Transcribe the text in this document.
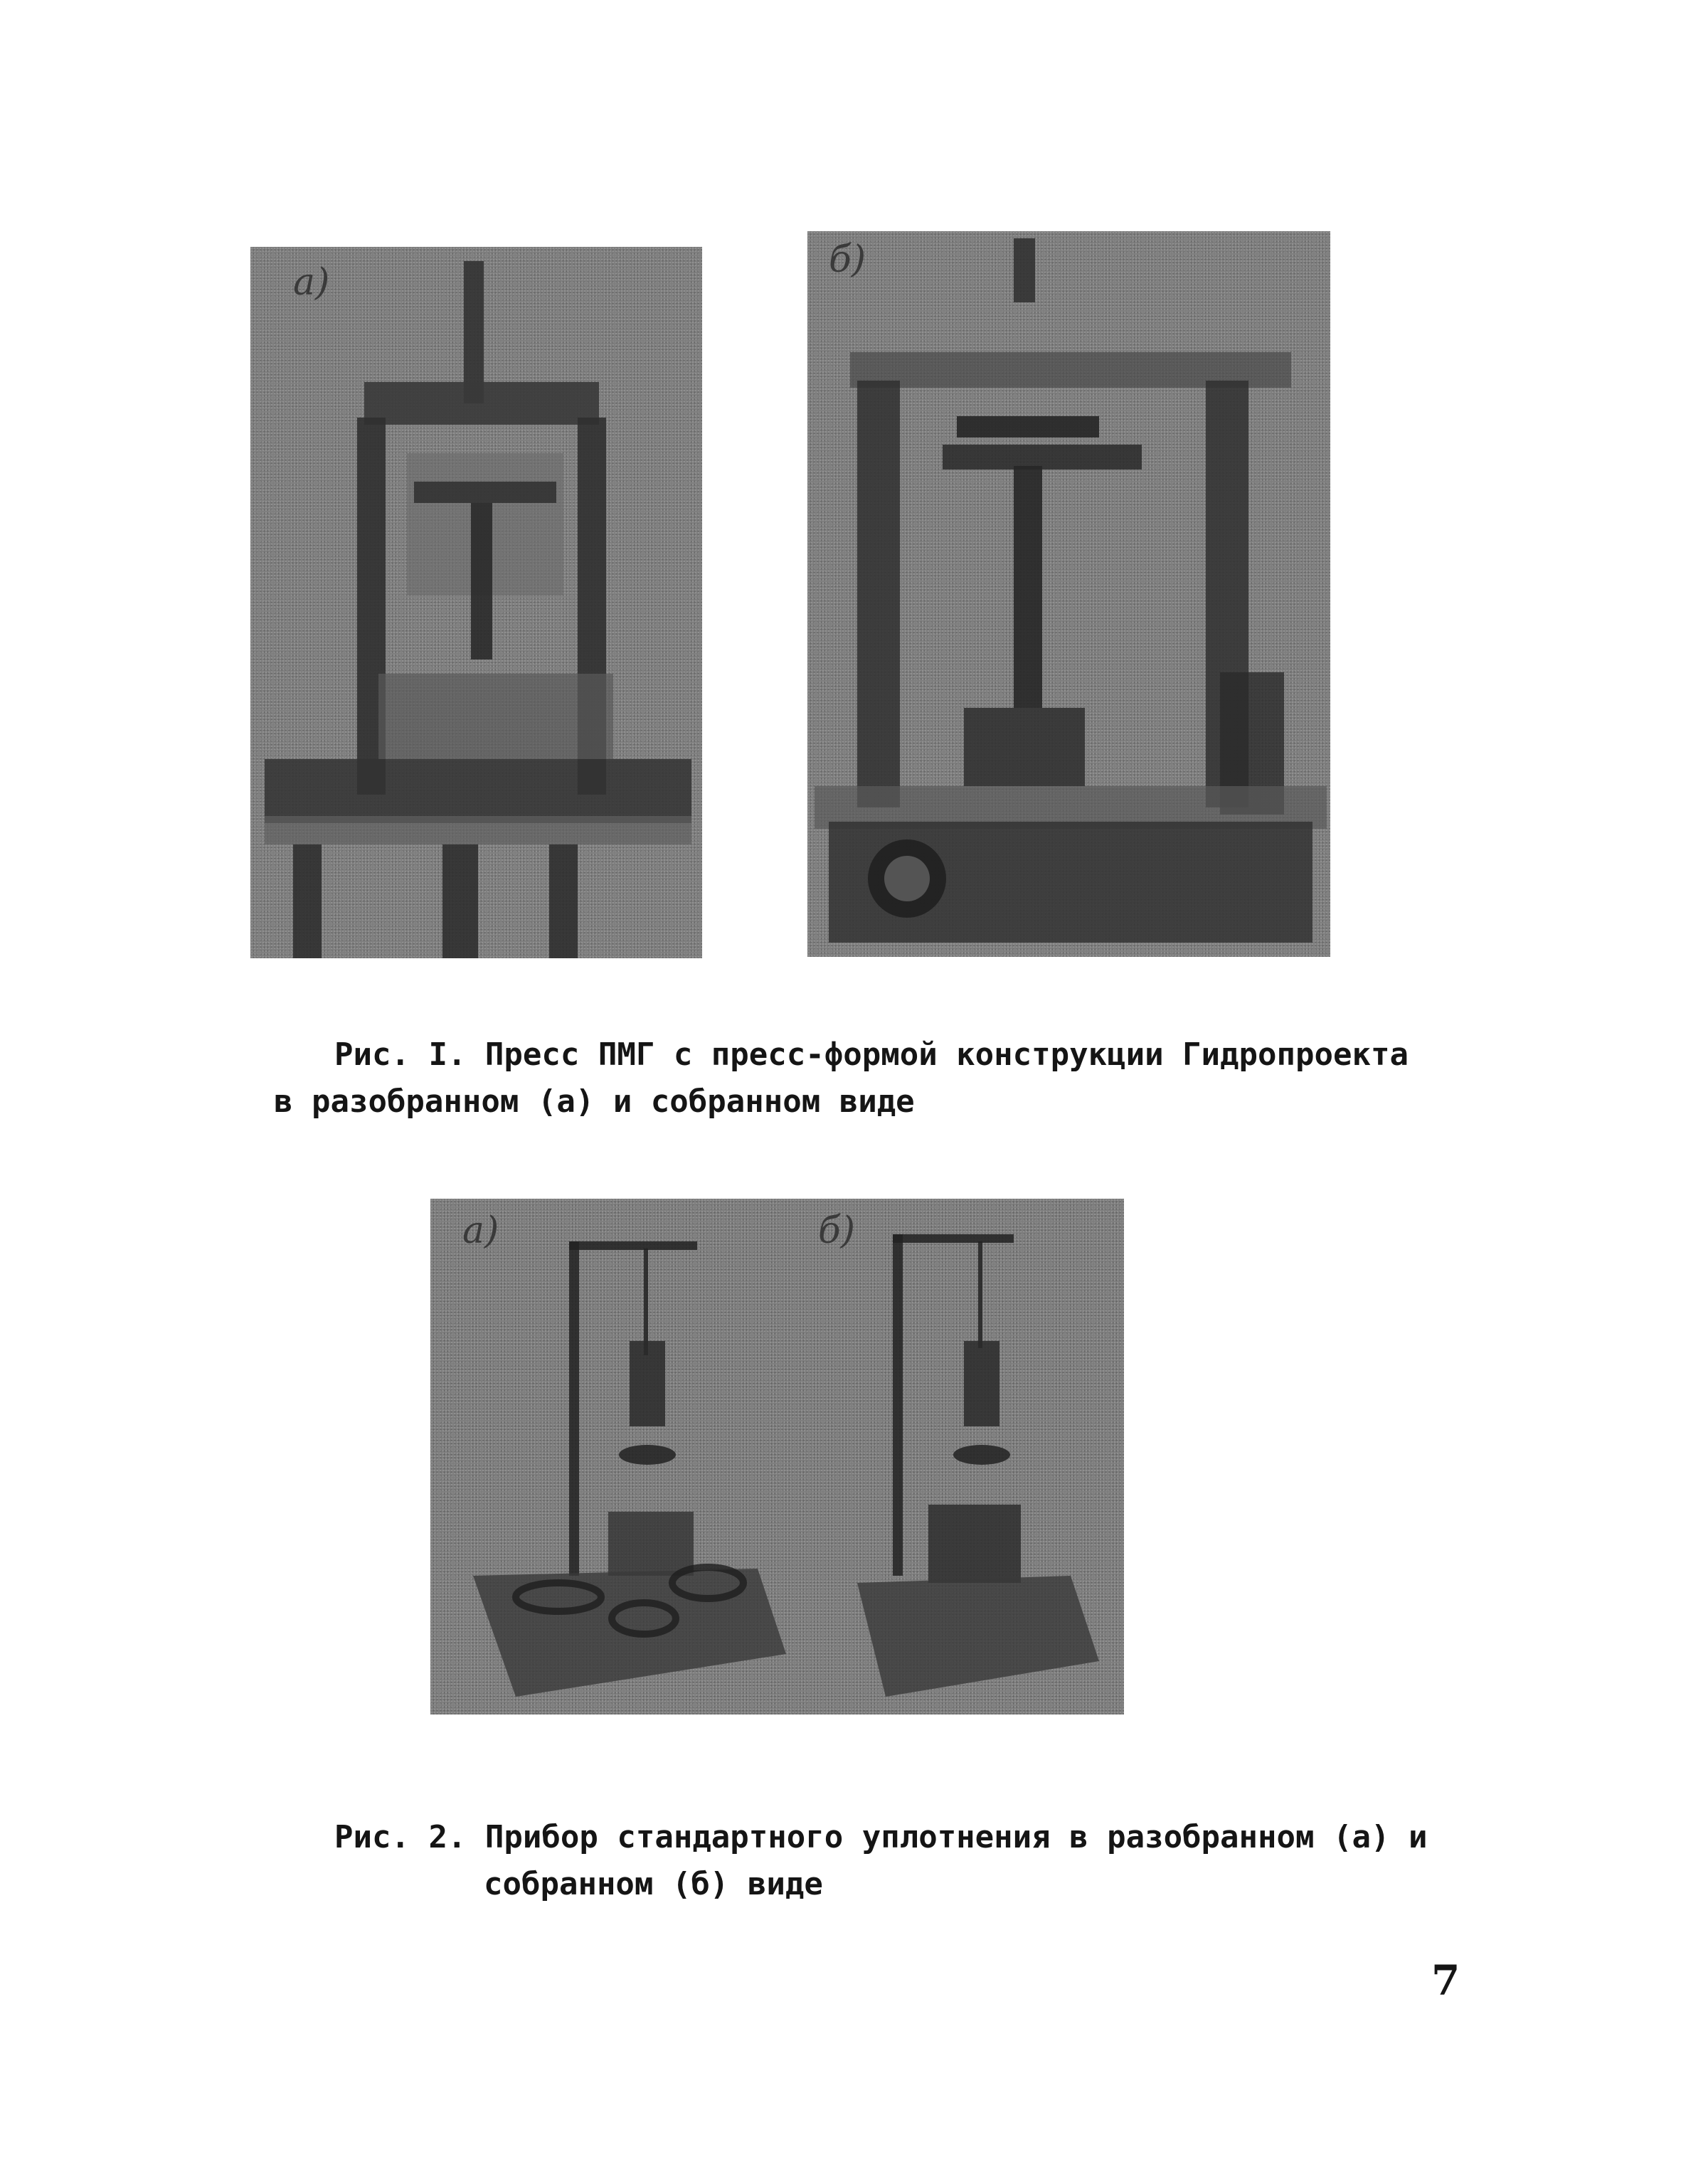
а)
б)
Рис. I. Пресс ПМГ с пресс-формой конструкции Гидропроекта
в разобранном (а) и собранном виде
а)	б)
Рис. 2. Прибор стандартного уплотнения в разобранном (а) и
собранном (б) виде
7
